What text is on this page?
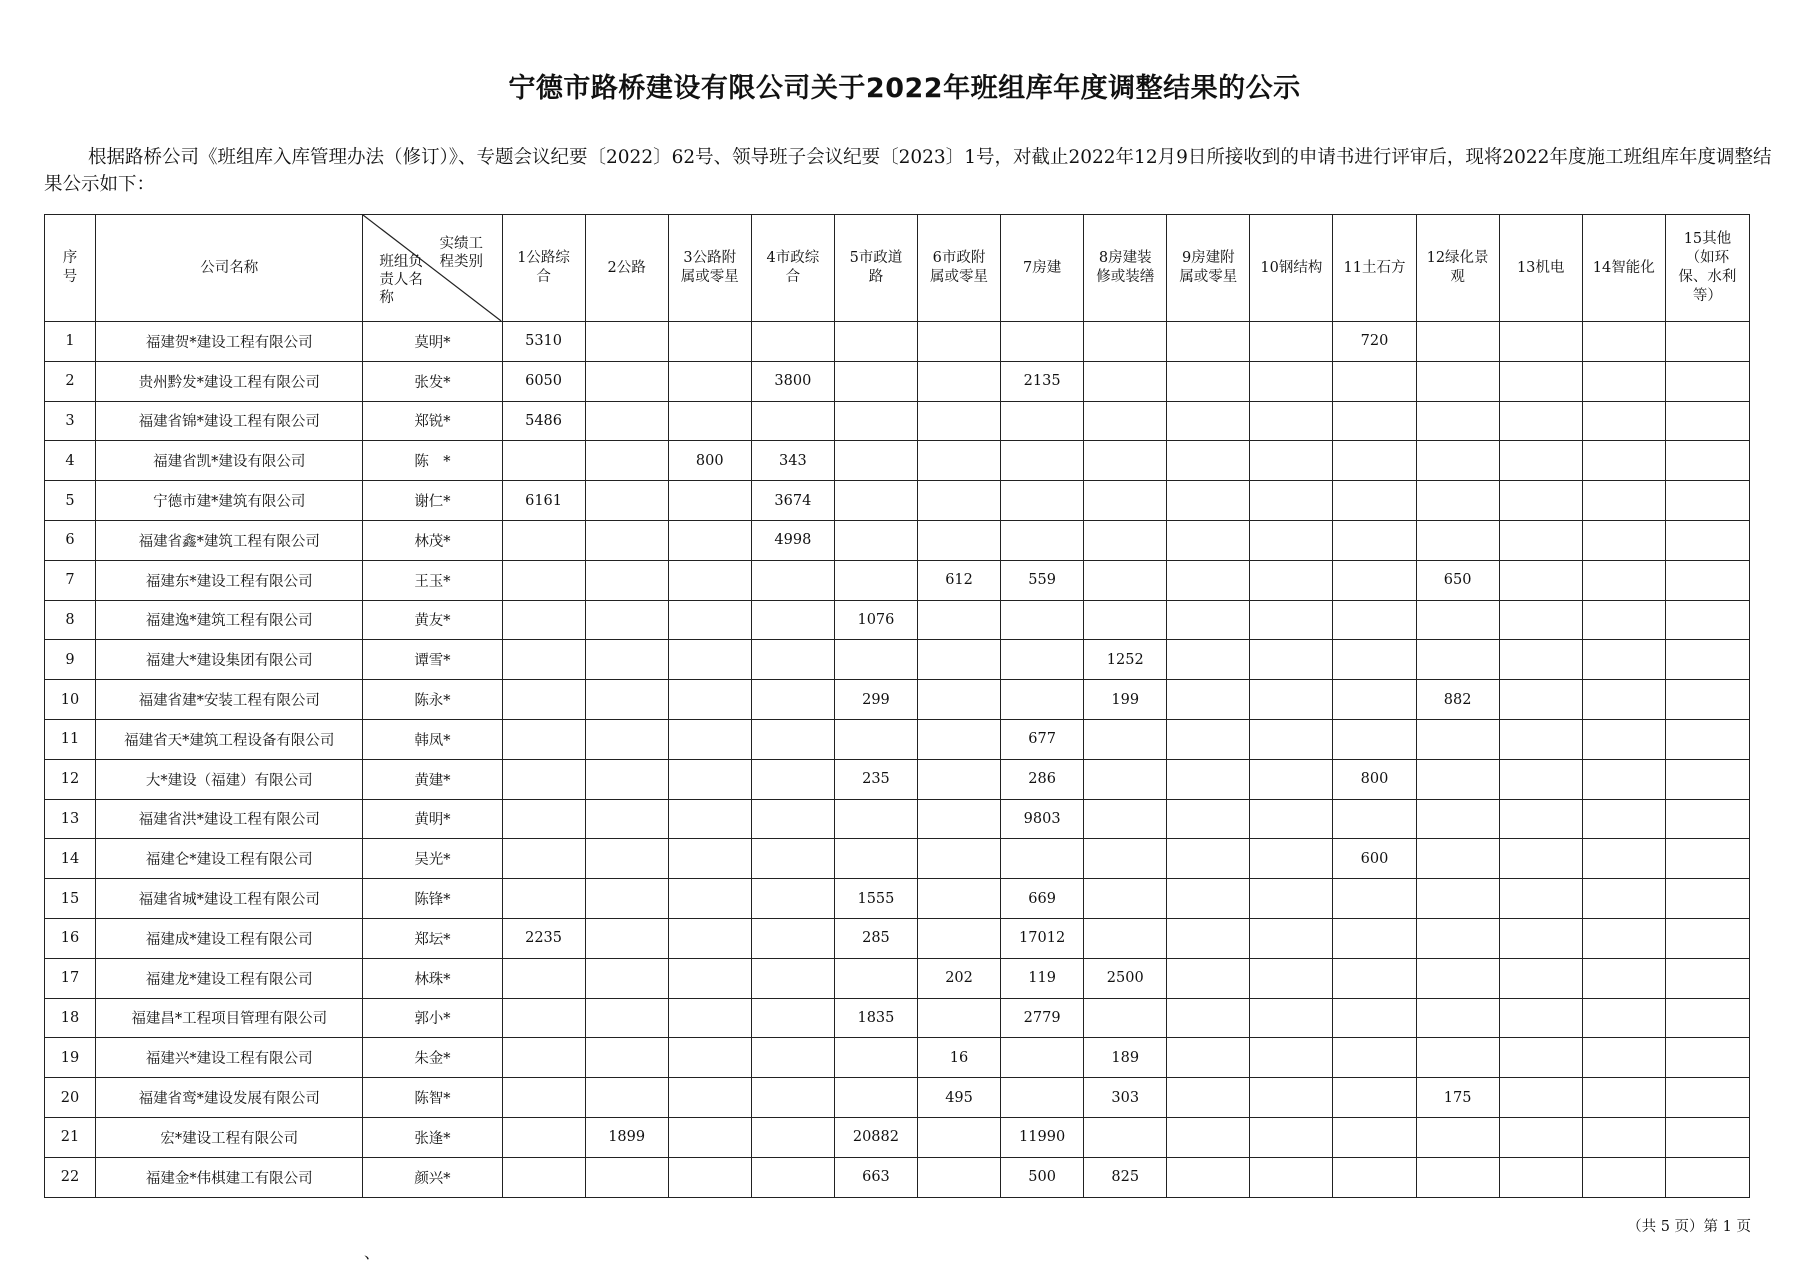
宁德市路桥建设有限公司关于2022年班组库年度调整结果的公示
根据路桥公司《班组库入库管理办法（修订）》、专题会议纪要〔2022〕62号、领导班子会议纪要〔2023〕1号，对截止2022年12月9日所接收到的申请书进行评审后，现将2022年度施工班组库年度调整结果公示如下：
序号	公司名称	实绩工程类别
班组负责人名称	1公路综合	2公路	3公路附属或零星	4市政综合	5市政道路	6市政附属或零星	7房建	8房建装修或装缮	9房建附属或零星	10钢结构	11土石方	12绿化景观	13机电	14智能化	15其他（如环保、水利等）
1	福建贺*建设工程有限公司	莫明*	5310										720				
2	贵州黔发*建设工程有限公司	张发*	6050			3800			2135								
3	福建省锦*建设工程有限公司	郑锐*	5486														
4	福建省凯*建设有限公司	陈　*			800	343											
5	宁德市建*建筑有限公司	谢仁*	6161			3674											
6	福建省鑫*建筑工程有限公司	林茂*				4998											
7	福建东*建设工程有限公司	王玉*						612	559					650			
8	福建逸*建筑工程有限公司	黄友*					1076										
9	福建大*建设集团有限公司	谭雪*								1252							
10	福建省建*安装工程有限公司	陈永*					299			199				882			
11	福建省天*建筑工程设备有限公司	韩凤*							677								
12	大*建设（福建）有限公司	黄建*					235		286				800				
13	福建省洪*建设工程有限公司	黄明*							9803								
14	福建仑*建设工程有限公司	吴光*											600				
15	福建省城*建设工程有限公司	陈锋*					1555		669								
16	福建成*建设工程有限公司	郑坛*	2235				285		17012								
17	福建龙*建设工程有限公司	林珠*						202	119	2500							
18	福建昌*工程项目管理有限公司	郭小*					1835		2779								
19	福建兴*建设工程有限公司	朱金*						16		189							
20	福建省鸾*建设发展有限公司	陈智*						495		303				175			
21	宏*建设工程有限公司	张逢*		1899			20882		11990								
22	福建金*伟棋建工有限公司	颜兴*					663		500	825							
（共 5 页）第 1 页
、
